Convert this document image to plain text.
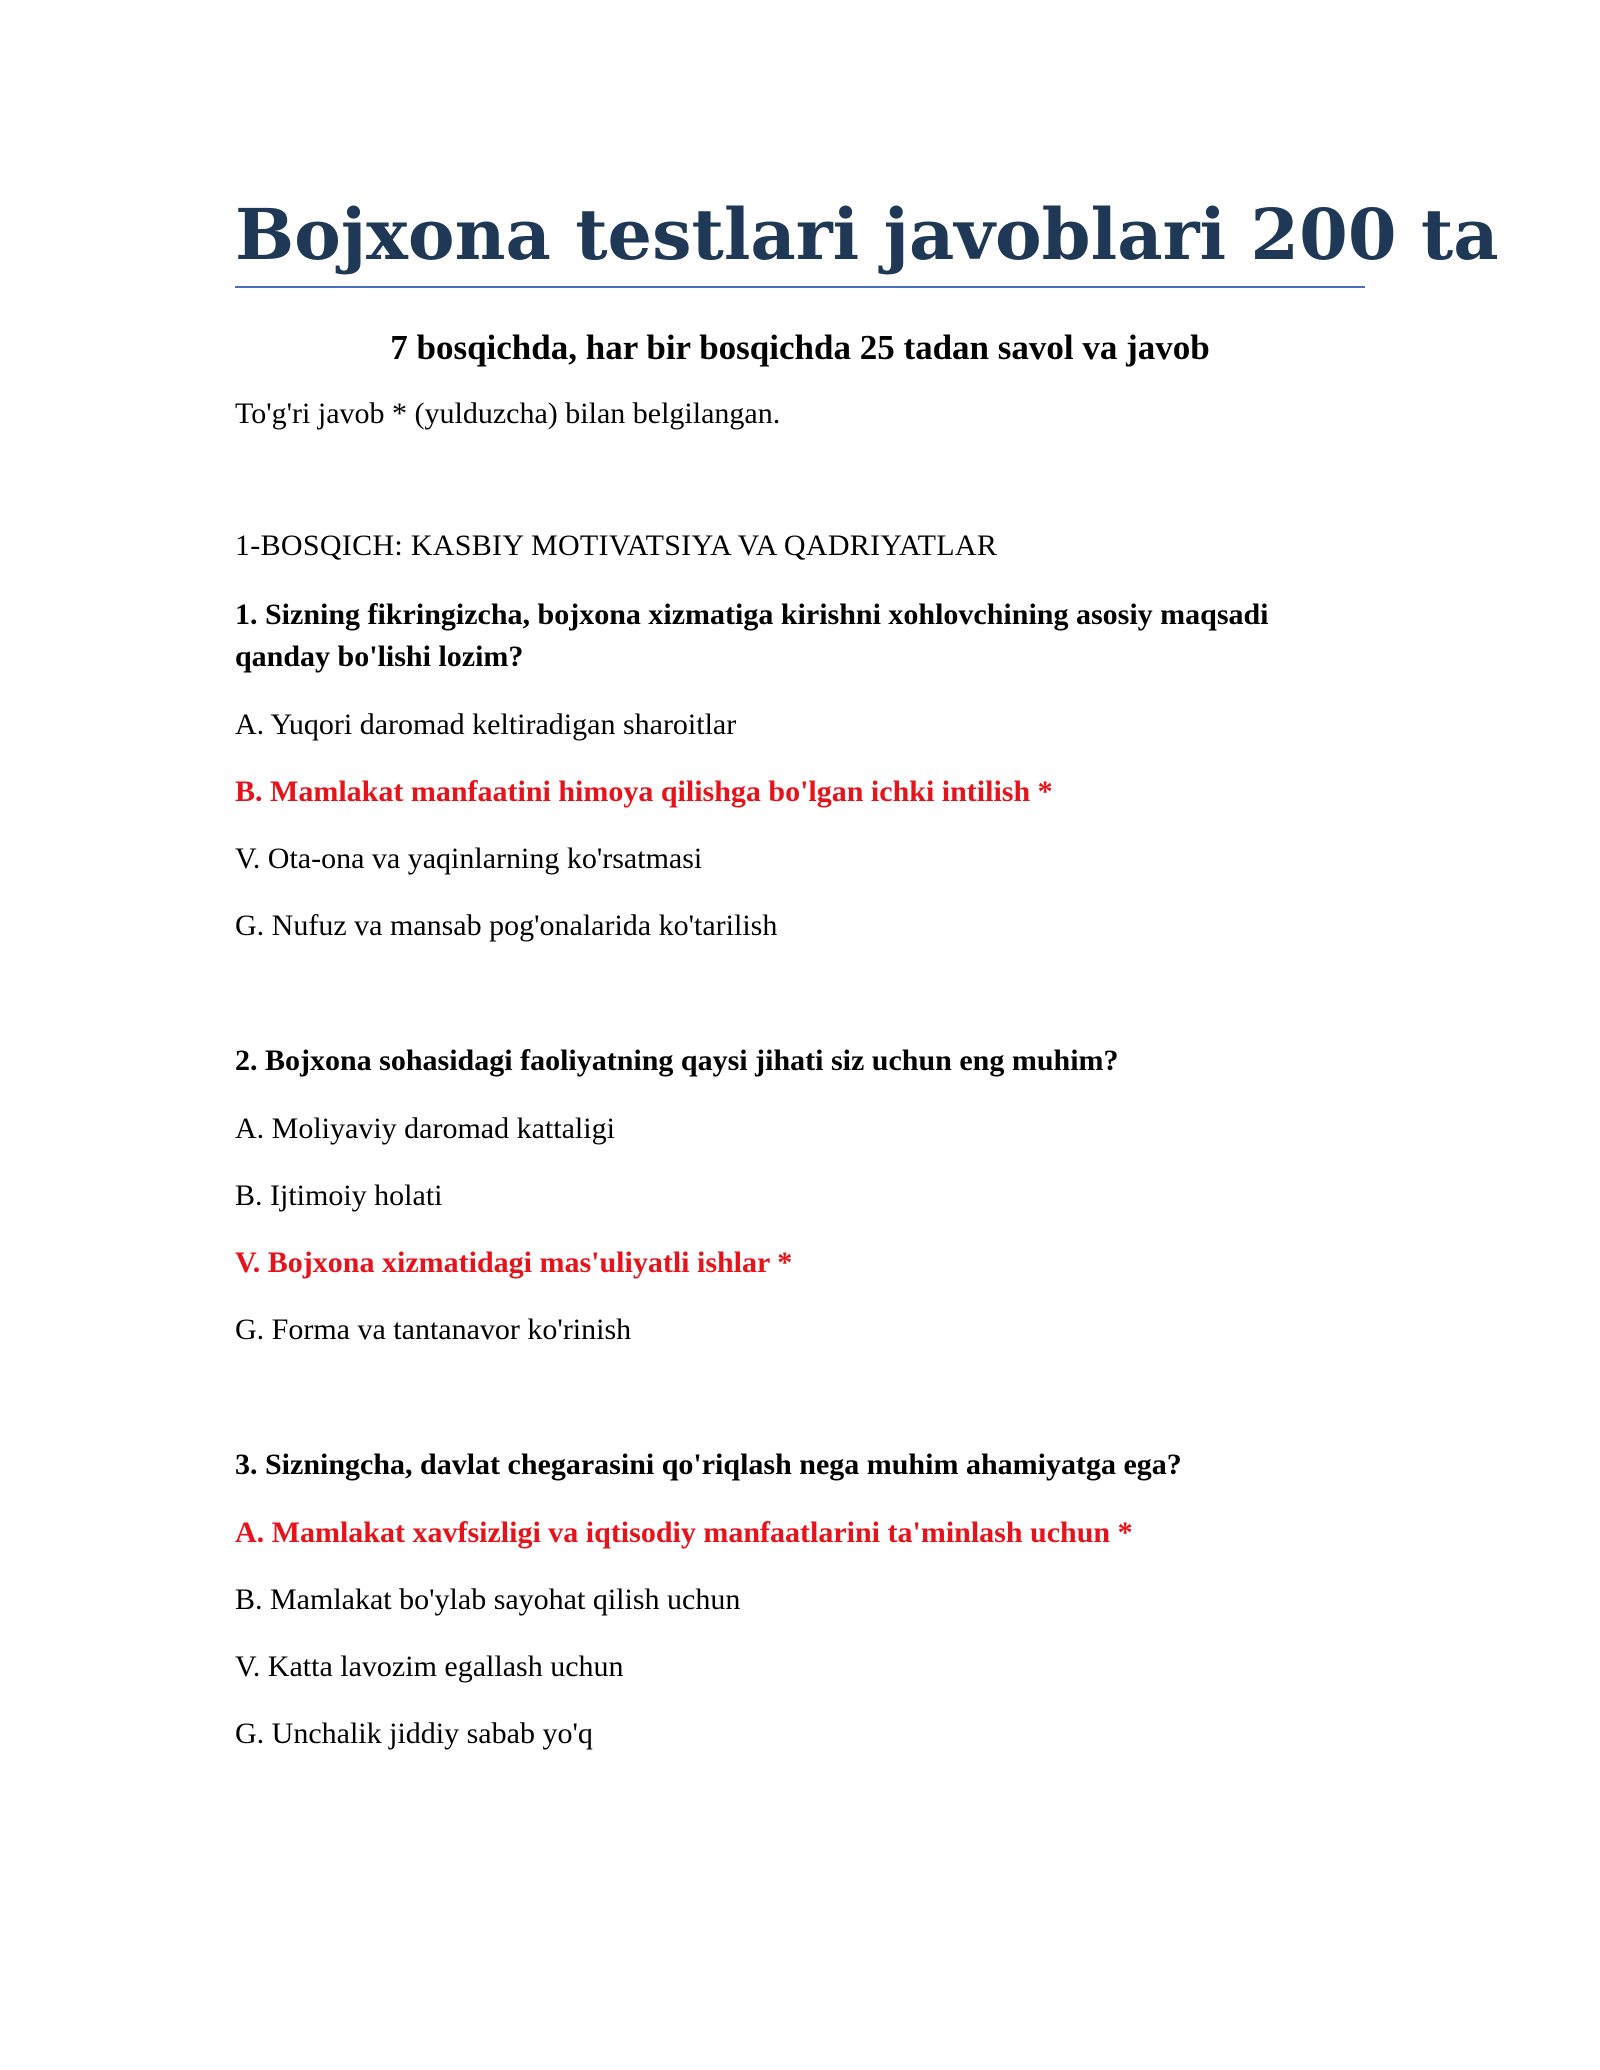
Bojxona testlari javoblari 200 ta

7 bosqichda, har bir bosqichda 25 tadan savol va javob

To'g'ri javob * (yulduzcha) bilan belgilangan.

1-BOSQICH: KASBIY MOTIVATSIYA VA QADRIYATLAR

1. Sizning fikringizcha, bojxona xizmatiga kirishni xohlovchining asosiy maqsadi qanday bo'lishi lozim?

A. Yuqori daromad keltiradigan sharoitlar

B. Mamlakat manfaatini himoya qilishga bo'lgan ichki intilish *

V. Ota-ona va yaqinlarning ko'rsatmasi

G. Nufuz va mansab pog'onalarida ko'tarilish

2. Bojxona sohasidagi faoliyatning qaysi jihati siz uchun eng muhim?

A. Moliyaviy daromad kattaligi

B. Ijtimoiy holati

V. Bojxona xizmatidagi mas'uliyatli ishlar *

G. Forma va tantanavor ko'rinish

3. Sizningcha, davlat chegarasini qo'riqlash nega muhim ahamiyatga ega?

A. Mamlakat xavfsizligi va iqtisodiy manfaatlarini ta'minlash uchun *

B. Mamlakat bo'ylab sayohat qilish uchun

V. Katta lavozim egallash uchun

G. Unchalik jiddiy sabab yo'q
